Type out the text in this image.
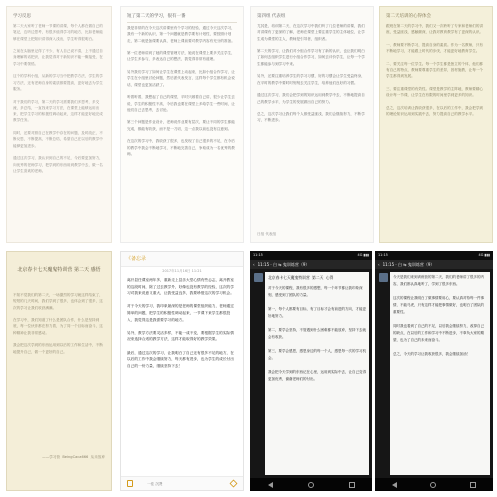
学习反思
第二天大家听了老师一节课的讲课，每个人都在做自己的笔记，边听边思考，有很多值得学习的地方，比如老师能够在课堂上把知识讲得深入浅出，学生听得很明白。

之前在头脑里记得了不少，有人自己说不清，上不通过自身理解的话把识，让我觉得对于新知识不能一概接受，在学习中要领悟。

这个的学科小组，从新的学习当中把教学方法，学生的学习方法，还有老师自身的素质都要提高，更好地去为学生服务。

对于我们的学习，第二天的学习需要我们多思考，多交流，多总结，一直找来学习方法，在课堂上能够运用出来，把学生学习的积极性调动起来，这样才能更好地完成教学任务。

同时，还要对照自己在教学中存在的问题，及时改正，不断反思，不断提高，不断总结，希望自己在以后的教学中能够更加进步。

通过这次学习，我认识到自己的不足，今后要更加努力，向优秀的老师学习，把学到的东西用到教学中去，做一名让学生喜欢的老师。
短了第二天的学习，很有一番
我是非常的在今天这次讲课里有个学习的经验，通过今天这次学习，我有一个新的认识，第一个问题就是教学要有计划性，要按照计划走，第二就是备课要认真，老师上课前要对教学内容有充分的准备。

第一位老师讲到了她的课堂管理方法，她说在课堂上要多关注学生，让学生多参与，多表达自己的想法，我觉得非常有道理。

另外我们学习了如何让学生在课堂上动起来，比如小组合作学习，让学生在小组里讨论问题，然后派代表发言，这样每个学生都有机会说话，课堂也更加活跃了。

听着听着，我想起了自己的课堂，平时只顾着自己讲，很少让学生去说，学生的积极性不高，今后我也要在课堂上多给学生一些时间，让他们自己去思考，去讨论。

第三个问题是作业设计，老师说作业要有层次，要让不同的学生都能完成，都能有收获，而不是一刀切，这一点我以前也没有注意到。

在这次的学习中，我收获了很多，也发现了自己很多的不足，在今后的教学中我会不断地学习，不断地完善自己，争取成为一名优秀的教师。
第四组 代表组
尤其是，培训第二天，在这次学习中我们听了几位老师的讲课，我们对讲课有了更深的了解，老师在课堂上要注重学生的主体地位，让学生成为课堂的主人，教师是引导者，组织者。

第二天的学习，让我们对小组合作学习有了新的认识，也让我们明白了如何去组织学生进行小组合作学习，如何去评价学生，让每一个学生都能参与到学习中来。

另外，还要注重培养学生的学习习惯，好的习惯会让学生受益终身，在平时的教学中要时时刻刻去关注学生，培养他们良好的习惯。

通过这次学习，我们会把学到的知识运用到教学中去，不断地提高自己的教学水平，为学生的发展做出自己的努力。

总之，这次学习让我们每个人都受益匪浅，我们会继续努力，不断学习，不断进步。
日组 代表组
第二天培训的心得体会
跟班在第二天的学习中，我们又一次聆听了专家和老师们的讲座，受益匪浅，感触颇深，让我对教育教学有了更深的认识。

一、教师要不断学习，提高自身的素质。作为一名教师，只有不断地学习，才能跟上时代的步伐，才能更好地教育学生。

二、要关注每一位学生。每一个学生都是独立的个体，他们都有自己的特点，教师要尊重学生的差异，因材施教，让每一个学生都得到发展。

三、要注重课堂的有效性。课堂是教学的主阵地，教师要精心设计每一节课，让学生在有限的时间里学到更多的知识。

总之，这次培训让我收获很多，在以后的工作中，我会把学到的理论知识运用到实践中去，努力提高自己的教学水平。
北京春卡七天魔鬼特训营 第二天 感悟
不知不觉我们的第二天，一场激烈的学习就这样结束了，短短的几天时间，我们学到了很多，也体会到了很多，这次的学习让我们收获满满。

在学习中，我们知道了什么是团队合作，什么是坚持到底，每一位伙伴都在努力着，为了同一个目标而奋斗，这种精神让我非常感动。

我会把这次学到的东西运用到以后的工作和生活中，不断地提升自己，做一个更好的自己。
——学习营  BeingCaca666  从未放弃
《备忘录
2017年11月16日 11:21
离开县任课室两年多，重新走上县乐大堂心情有些忐忑，离开教室的这段时间，除了过去教学外，好像也没有教学的经验，这次的学习对我来说意义重大，让我受益良多，我要珍惜这次的学习机会。

对于今天的学习，我印象最深的是老师的课堂组织能力，老师通过简单的问题，把学生的积极性调动起来，一节课下来学生都很投入，我觉得这是我需要学习的地方。

另外，教学方法要灵活多样，不能一成不变，要根据学生的实际情况来选择合适的教学方法，这样才能取得好的教学效果。

最后，通过这次的学习，让我明白了自己还有很多不足的地方，在以后的工作中我会继续努力，每天都有进步，也为学生的成长付出自己的一份力量，继续坚持下去！
一佳 沉贤
11:15	4G ▮▮▮
‹ 11:15 · 白 ⇆ 鬼训练营（9）
北京春卡七天魔鬼特训营 第二天 心得
对于今天的课程，我有很多的感想，每一个环节都让我印象深刻，感受到了团队的力量。

第一，每个人都要有目标，有了目标才会有前进的方向，才能更好地努力。

第二，要学会坚持，不管遇到什么困难都不能放弃，坚持下去就会有收获。

第三，要学会感恩，感恩身边的每一个人，感恩每一次的学习机会。

我会把今天学到的东西记在心里，运用到实际中去，让自己变得更加优秀，谢谢老师们的付出。
11:15	4G ▮▮▮
‹ 11:15 · 白 ⇆ 鬼训练营（9）
今天是我们来到训练营的第二天，我们的老师讲了很多的内容，我们都认真地听了，学到了很多东西。

这次的课程让我明白了做事情要用心，要认真对待每一件事情，不能马虎，只有这样才能把事情做好，也明白了团队的重要性。

同时我也看到了自己的不足，以后我会继续努力，改掉自己的缺点，在以后的工作和学习中不断进步，不辜负大家的期望，也为了自己的未来而奋斗。

总之，今天的学习让我收获很多，我会继续加油！
